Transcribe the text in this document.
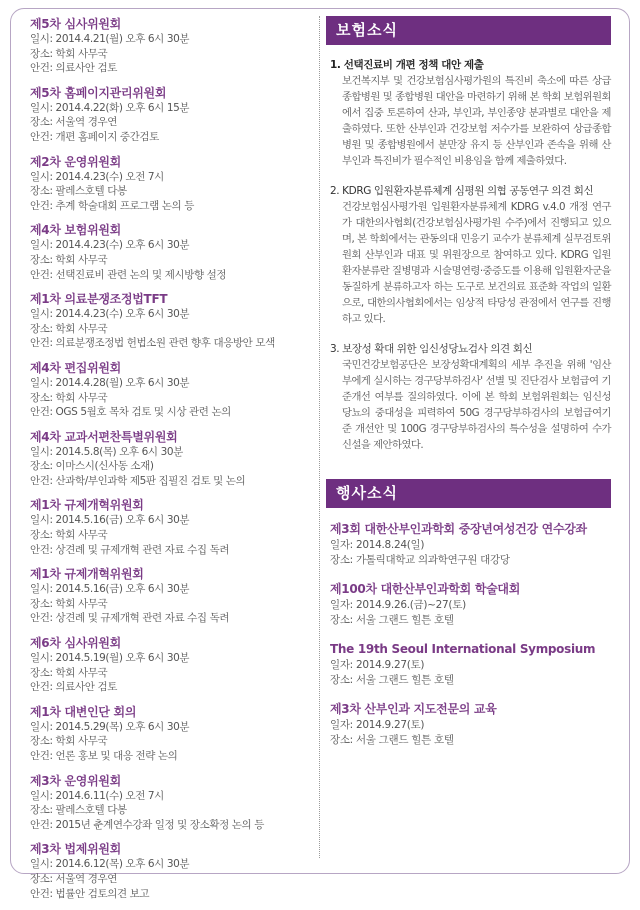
제5차 심사위원회
일시: 2014.4.21(월) 오후 6시 30분
장소: 학회 사무국
안건: 의료사안 검토
제5차 홈페이지관리위원회
일시: 2014.4.22(화) 오후 6시 15분
장소: 서울역 경우연
안건: 개편 홈페이지 중간검토
제2차 운영위원회
일시: 2014.4.23(수) 오전 7시
장소: 팔레스호텔 다봉
안건: 추계 학술대회 프로그램 논의 등
제4차 보험위원회
일시: 2014.4.23(수) 오후 6시 30분
장소: 학회 사무국
안건: 선택진료비 관련 논의 및 제시방향 설정
제1차 의료분쟁조정법TFT
일시: 2014.4.23(수) 오후 6시 30분
장소: 학회 사무국
안건: 의료분쟁조정법 헌법소원 관련 향후 대응방안 모색
제4차 편집위원회
일시: 2014.4.28(월) 오후 6시 30분
장소: 학회 사무국
안건: OGS 5월호 목차 검토 및 시상 관련 논의
제4차 교과서편찬특별위원회
일시: 2014.5.8(목) 오후 6시 30분
장소: 이마스시(신사동 소재)
안건: 산과학/부인과학 제5판 집필진 검토 및 논의
제1차 규제개혁위원회
일시: 2014.5.16(금) 오후 6시 30분
장소: 학회 사무국
안건: 상견례 및 규제개혁 관련 자료 수집 독려
제1차 규제개혁위원회
일시: 2014.5.16(금) 오후 6시 30분
장소: 학회 사무국
안건: 상견례 및 규제개혁 관련 자료 수집 독려
제6차 심사위원회
일시: 2014.5.19(월) 오후 6시 30분
장소: 학회 사무국
안건: 의료사안 검토
제1차 대변인단 회의
일시: 2014.5.29(목) 오후 6시 30분
장소: 학회 사무국
안건: 언론 홍보 및 대응 전략 논의
제3차 운영위원회
일시: 2014.6.11(수) 오전 7시
장소: 팔레스호텔 다봉
안건: 2015년 춘계연수강좌 일정 및 장소확정 논의 등
제3차 법제위원회
일시: 2014.6.12(목) 오후 6시 30분
장소: 서울역 경우연
안건: 법률안 검토의견 보고
보험소식
1. 선택진료비 개편 정책 대안 제출
보건복지부 및 건강보험심사평가원의 특진비 축소에 따른 상급종합병원 및 종합병원 대안을 마련하기 위해 본 학회 보험위원회에서 집중 토론하여 산과, 부인과, 부인종양 분과별로 대안을 제출하였다. 또한 산부인과 건강보험 저수가를 보완하여 상급종합병원 및 종합병원에서 분만장 유지 등 산부인과 존속을 위해 산부인과 특진비가 필수적인 비용임을 함께 제출하였다.
2. KDRG 입원환자분류체계 심평원 의협 공동연구 의견 회신
건강보험심사평가원 입원환자분류체계 KDRG v.4.0 개정 연구가 대한의사협회(건강보험심사평가원 수주)에서 진행되고 있으며, 본 학회에서는 관동의대 민응기 교수가 분류체계 실무검토위원회 산부인과 대표 및 위원장으로 참여하고 있다. KDRG 입원환자분류란 질병명과 시술명연령·중증도를 이용해 입원환자군을 동질하게 분류하고자 하는 도구로 보건의료 표준화 작업의 일환으로, 대한의사협회에서는 임상적 타당성 관점에서 연구를 진행하고 있다.
3. 보장성 확대 위한 임신성당뇨검사 의견 회신
국민건강보험공단은 보장성확대계획의 세부 추진을 위해 '임산부에게 실시하는 경구당부하검사' 선별 및 진단검사 보험급여 기준개선 여부를 질의하였다. 이에 본 학회 보험위원회는 임신성 당뇨의 중대성을 피력하여 50G 경구당부하검사의 보험급여기준 개선안 및 100G 경구당부하검사의 특수성을 설명하여 수가 신설을 제안하였다.
행사소식
제3회 대한산부인과학회 중장년여성건강 연수강좌
일자: 2014.8.24(일)
장소: 가톨릭대학교 의과학연구원 대강당
제100차 대한산부인과학회 학술대회
일자: 2014.9.26.(금)~27(토)
장소: 서울 그랜드 힐튼 호텔
The 19th Seoul International Symposium
일자: 2014.9.27(토)
장소: 서울 그랜드 힐튼 호텔
제3차 산부인과 지도전문의 교육
일자: 2014.9.27(토)
장소: 서울 그랜드 힐튼 호텔
